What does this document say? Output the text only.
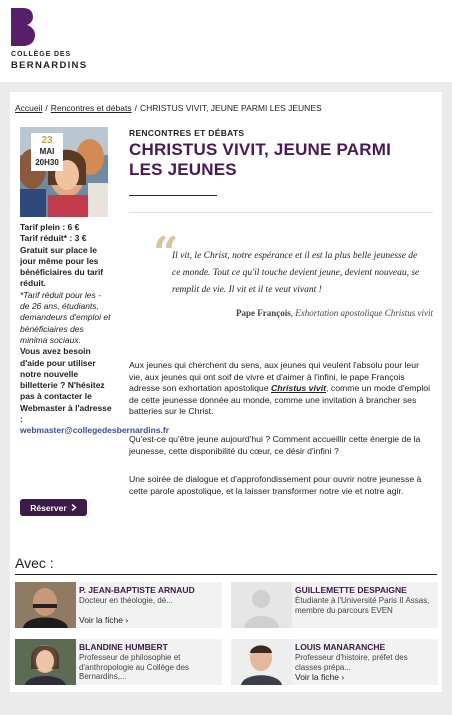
COLLÈGE DES
BERNARDINS
Accueil / Rencontres et débats / CHRISTUS VIVIT, JEUNE PARMI LES JEUNES
23
MAI
20H30
Tarif plein : 6 €
Tarif réduit* : 3 €
Gratuit sur place le jour même pour les bénéficiaires du tarif réduit.
*Tarif réduit pour les - de 26 ans, étudiants, demandeurs d'emploi et bénéficiaires des minima sociaux.
Vous avez besoin d'aide pour utiliser notre nouvelle billetterie ? N'hésitez pas à contacter le Webmaster à l'adresse :
webmaster@collegedesbernardins.fr
Réserver
RENCONTRES ET DÉBATS
CHRISTUS VIVIT, JEUNE PARMI LES JEUNES
“
Il vit, le Christ, notre espérance et il est la plus belle jeunesse de ce monde. Tout ce qu'il touche devient jeune, devient nouveau, se remplit de vie. Il vit et il te veut vivant !
Pape François, Exhortation apostolique Christus vivit
Aux jeunes qui cherchent du sens, aux jeunes qui veulent l'absolu pour leur vie, aux jeunes qui ont soif de vivre et d'aimer à l'infini, le pape François adresse son exhortation apostolique Christus vivit, comme un mode d'emploi de cette jeunesse donnée au monde, comme une invitation à brancher ses batteries sur le Christ.
Qu'est-ce qu'être jeune aujourd'hui ? Comment accueillir cette énergie de la jeunesse, cette disponibilité du cœur, ce désir d'infini ?
Une soirée de dialogue et d'approfondissement pour ouvrir notre jeunesse à cette parole apostolique, et la laisser transformer notre vie et notre agir.
Avec :
P. JEAN-BAPTISTE ARNAUD
Docteur en théologie, dé...
Voir la fiche ›
GUILLEMETTE DESPAIGNE
Étudiante à l'Université Paris II Assas, membre du parcours EVEN
BLANDINE HUMBERT
Professeur de philosophie et d'anthropologie au Collège des Bernardins,...
LOUIS MANARANCHE
Professeur d'histoire, préfet des classes prépa...
Voir la fiche ›
